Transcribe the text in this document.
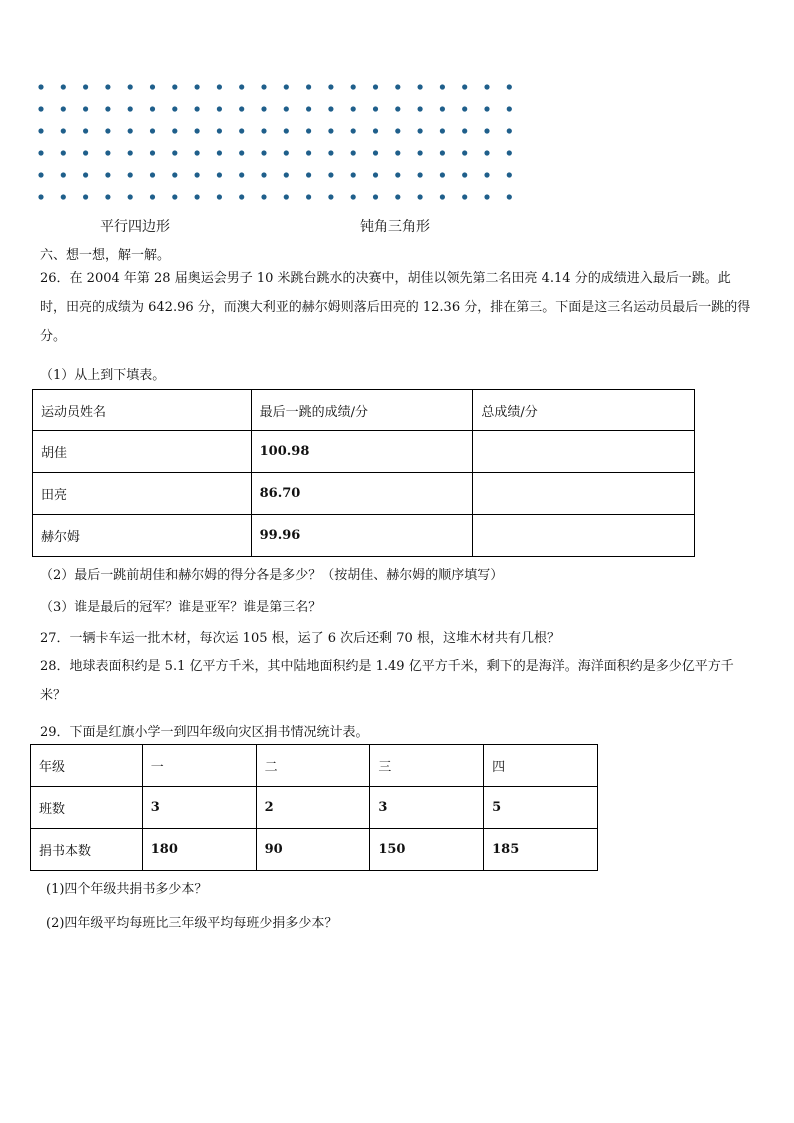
平行四边形	钝角三角形
六、想一想，解一解。
26．在 2004 年第 28 届奥运会男子 10 米跳台跳水的决赛中，胡佳以领先第二名田亮 4.14 分的成绩进入最后一跳。此时，田亮的成绩为 642.96 分，而澳大利亚的赫尔姆则落后田亮的 12.36 分，排在第三。下面是这三名运动员最后一跳的得分。
（1）从上到下填表。
运动员姓名	最后一跳的成绩/分	总成绩/分
胡佳	100.98	
田亮	86.70	
赫尔姆	99.96	
（2）最后一跳前胡佳和赫尔姆的得分各是多少？（按胡佳、赫尔姆的顺序填写）
（3）谁是最后的冠军？谁是亚军？谁是第三名？
27．一辆卡车运一批木材，每次运 105 根，运了 6 次后还剩 70 根，这堆木材共有几根？
28．地球表面积约是 5.1 亿平方千米，其中陆地面积约是 1.49 亿平方千米，剩下的是海洋。海洋面积约是多少亿平方千米？
29．下面是红旗小学一到四年级向灾区捐书情况统计表。
年级	一	二	三	四
班数	3	2	3	5
捐书本数	180	90	150	185
(1)四个年级共捐书多少本？
(2)四年级平均每班比三年级平均每班少捐多少本？
